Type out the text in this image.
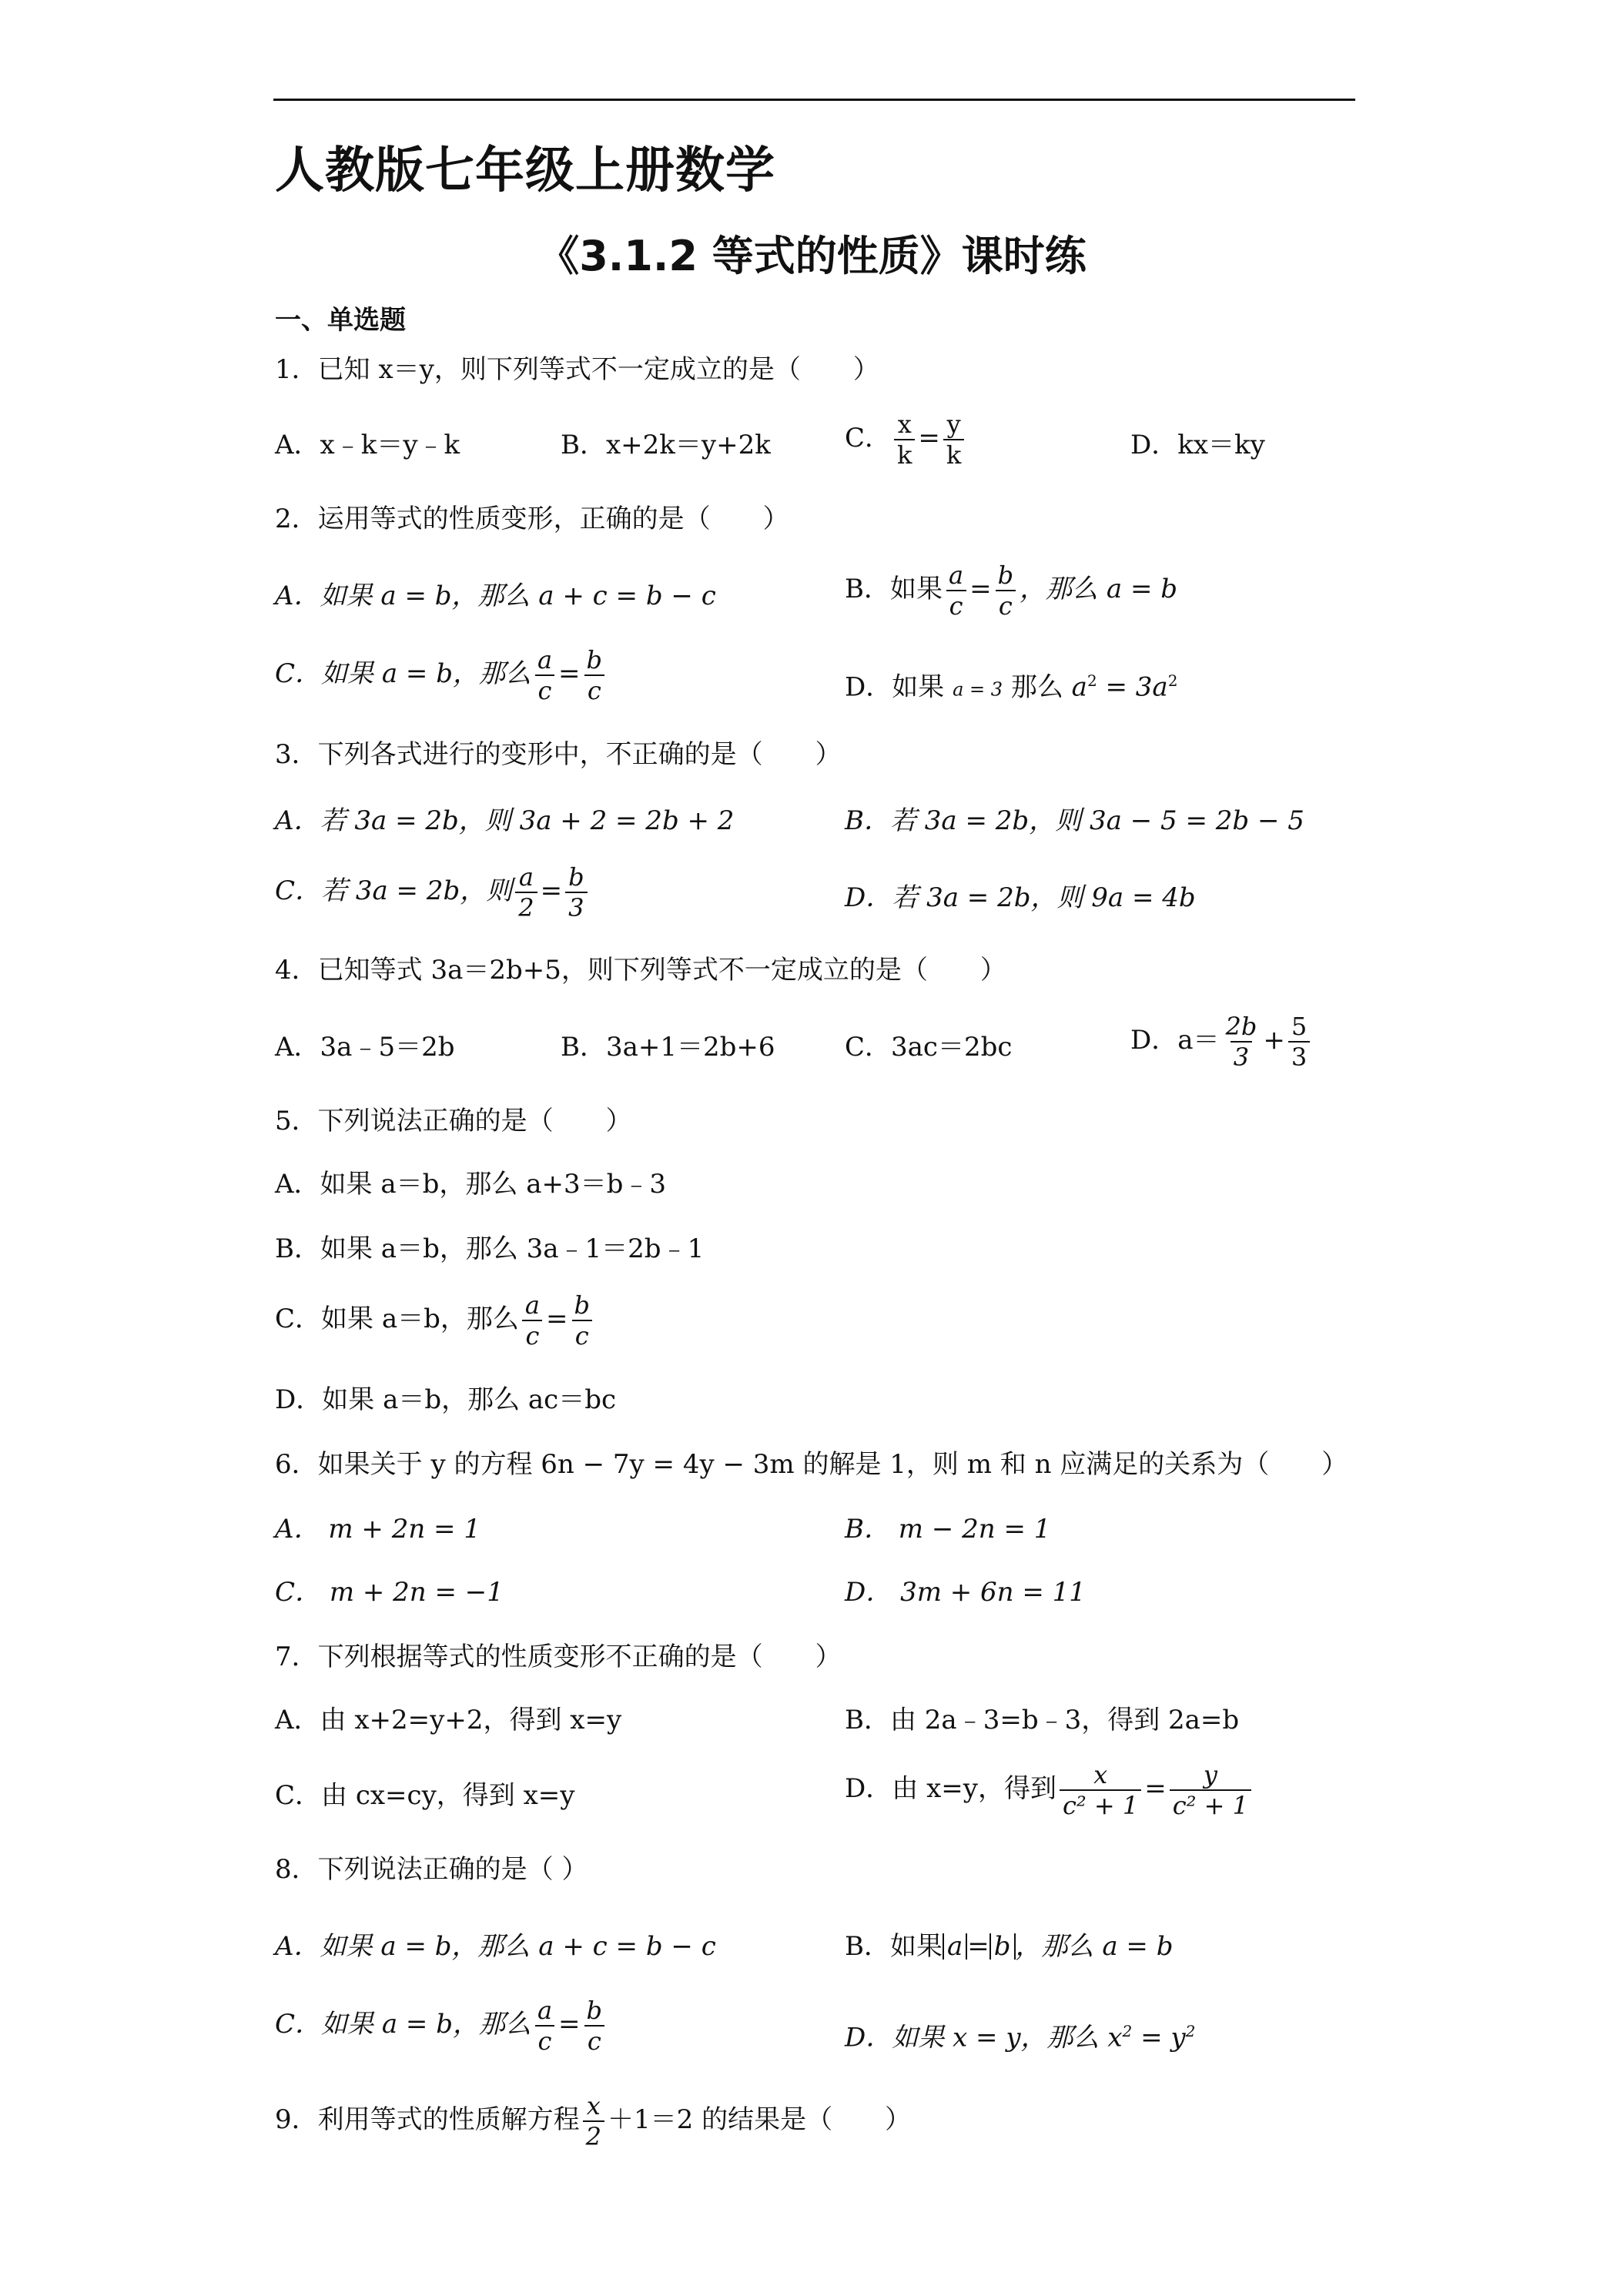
人教版七年级上册数学
《3.1.2 等式的性质》课时练
一、单选题
1．已知 x＝y，则下列等式不一定成立的是（　　）
A．x﹣k＝y﹣k	B．x+2k＝y+2k	C． $\frac{x}{k} = \frac{y}{k}$	D．kx＝ky
2．运用等式的性质变形，正确的是（　　）
A．如果 a = b，那么 a + c = b − c	B．如果 $\frac{a}{c} = \frac{b}{c}$ ，那么 a = b
C．如果 a = b，那么 $\frac{a}{c} = \frac{b}{c}$	D．如果 a = 3 那么 $a^2 = 3a^2$
3．下列各式进行的变形中，不正确的是（　　）
A．若 3a = 2b，则 3a + 2 = 2b + 2	B．若 3a = 2b，则 3a − 5 = 2b − 5
C．若 3a = 2b，则 $\frac{a}{2} = \frac{b}{3}$	D．若 3a = 2b，则 9a = 4b
4．已知等式 3a＝2b+5，则下列等式不一定成立的是（　　）
A．3a﹣5＝2b	B．3a+1＝2b+6	C．3ac＝2bc	D．$a= \frac{2b}{3} + \frac{5}{3}$
5．下列说法正确的是（　　）
A．如果 a＝b，那么 a+3＝b﹣3
B．如果 a＝b，那么 3a﹣1＝2b﹣1
C．如果 a＝b，那么 $\frac{a}{c} = \frac{b}{c}$
D．如果 a＝b，那么 ac＝bc
6．如果关于 y 的方程 6n − 7y = 4y − 3m 的解是 1，则 m 和 n 应满足的关系为（　　）
A． m + 2n = 1	B． m − 2n = 1
C． m + 2n = −1	D． 3m + 6n = 11
7．下列根据等式的性质变形不正确的是（　　）
A．由 x+2=y+2，得到 x=y	B．由 2a﹣3=b﹣3，得到 2a=b
C．由 cx=cy，得到 x=y	D．由 x=y，得到 $\frac{x}{\text{c² + 1}} = \frac{y}{\text{c² + 1}}$
8．下列说法正确的是（ ）
A．如果 a = b，那么 a + c = b − c	B．如果 a = b ，那么 a = b
C．如果 a = b，那么 $\frac{a}{c} = \frac{b}{c}$	D．如果 x = y，那么 $x^2 = y^2$
9．利用等式的性质解方程 $\frac{x}{2} +1=2$ 的结果是（　　）
